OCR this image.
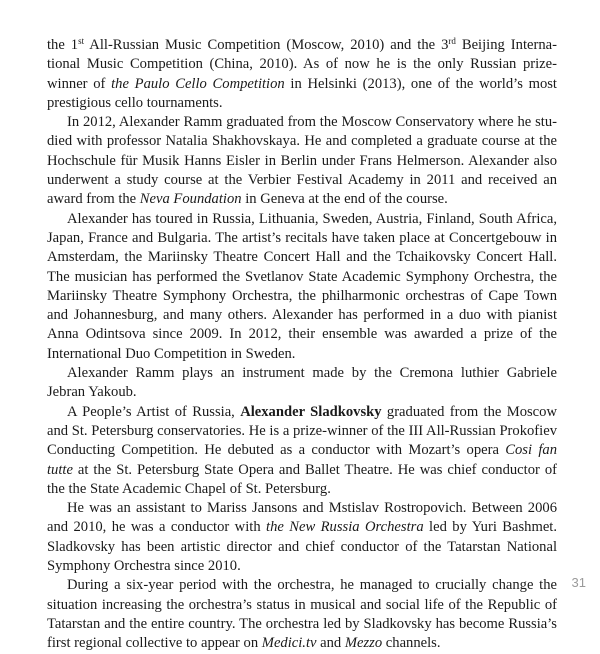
the 1st All-Russian Music Competition (Moscow, 2010) and the 3rd Beijing International Music Competition (China, 2010). As of now he is the only Russian prize-winner of the Paulo Cello Competition in Helsinki (2013), one of the world’s most prestigious cello tournaments.

In 2012, Alexander Ramm graduated from the Moscow Conservatory where he studied with professor Natalia Shakhovskaya. He and completed a graduate course at the Hochschule für Musik Hanns Eisler in Berlin under Frans Helmerson. Alexander also underwent a study course at the Verbier Festival Academy in 2011 and received an award from the Neva Foundation in Geneva at the end of the course.

Alexander has toured in Russia, Lithuania, Sweden, Austria, Finland, South Africa, Japan, France and Bulgaria. The artist’s recitals have taken place at Concertgebouw in Amsterdam, the Mariinsky Theatre Concert Hall and the Tchaikovsky Concert Hall. The musician has performed the Svetlanov State Academic Symphony Orchestra, the Mariinsky Theatre Symphony Orchestra, the philharmonic orchestras of Cape Town and Johannesburg, and many others. Alexander has performed in a duo with pianist Anna Odintsova since 2009. In 2012, their ensemble was awarded a prize of the International Duo Competition in Sweden.

Alexander Ramm plays an instrument made by the Cremona luthier Gabriele Jebran Yakoub.

A People’s Artist of Russia, Alexander Sladkovsky graduated from the Moscow and St. Petersburg conservatories. He is a prize-winner of the III All-Russian Prokofiev Conducting Competition. He debuted as a conductor with Mozart’s opera Cosi fan tutte at the St. Petersburg State Opera and Ballet Theatre. He was chief conductor of the the State Academic Chapel of St. Petersburg.

He was an assistant to Mariss Jansons and Mstislav Rostropovich. Between 2006 and 2010, he was a conductor with the New Russia Orchestra led by Yuri Bashmet. Sladkovsky has been artistic director and chief conductor of the Tatarstan National Symphony Orchestra since 2010.

During a six-year period with the orchestra, he managed to crucially change the situation increasing the orchestra’s status in musical and social life of the Republic of Tatarstan and the entire country. The orchestra led by Sladkovsky has become Russia’s first regional collective to appear on Medici.tv and Mezzo channels.

31
